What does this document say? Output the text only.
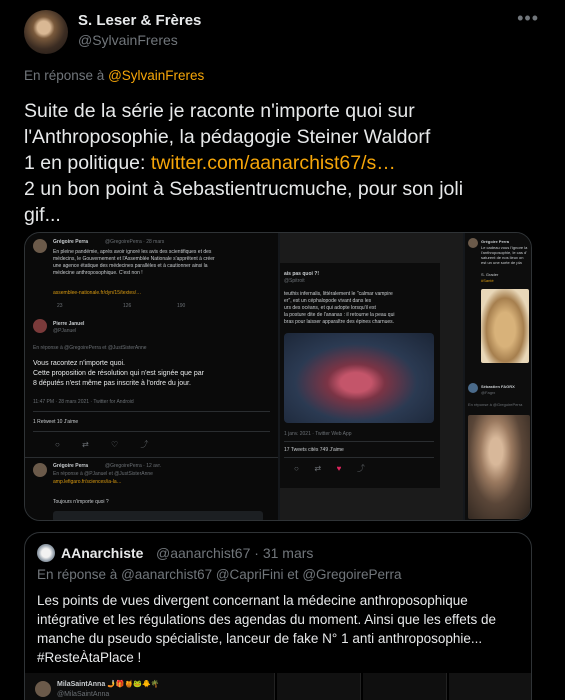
S. Leser & Frères
@SylvainFreres
•••
En réponse à @SylvainFreres

Suite de la série je raconte n'importe quoi sur

l'Anthroposophie, la pédagogie Steiner Waldorf

1 en politique: twitter.com/aanarchist67/s…

2 un bon point à Sebastientrucmuche, pour son joli

gif...

Grégoire Perra	@GregoirePerra · 28 mars
En pleine pandémie, après avoir ignoré les avis des scientifiques et des
médecins, le Gouvernement et l'Assemblée Nationale s'apprêtent à créer
une agence étatique des médecines parallèles et à cautionner ainsi la
médecine anthroposophique. C'est non !
assemblee-nationale.fr/dyn/15/textes/…
23	126	190
Pierre Januel
@PJanuel
En réponse à @GregoirePerra et @JustSisterAnne
Vous racontez n'importe quoi.
Cette proposition de résolution qui n'est signée que par
8 députés n'est même pas inscrite à l'ordre du jour.
11:47 PM · 28 mars 2021 · Twitter for Android
1 Retweet 10 J'aime
○          ⇄          ♡          ⤴
Grégoire Perra	@GregoirePerra · 12 avr.
En réponse à @PJanuel et @JustSisterAnne
amp.lefigaro.fr/sciences/ia-la…
Toujours n'importe quoi ?
ais pas quoi ?!
@Spitroit
teuthis infernalis, littéralement le "calmar vampire
er", est un céphalopode vivant dans les
urs des océans, et qui adopte lorsqu'il est
la posture dite de l'ananas : il retourne la peau qui
bras pour laisser apparaître des épines charnues.
1 janv. 2021 · Twitter Web App
17 Tweets cités 749 J'aime
○       ⇄       ♥       ⤴
Grégoire Perra
Le cadeau vous l'ignore la
l'anthroposophie, le cas d'
saturent de nos lieux on
est un une sorte de pla
S. Grader
#Santé
Sébastien FAGRX
@Fagrx
En réponse à @GregoirePerra
AAnarchiste @aanarchist67 · 31 mars
En réponse à @aanarchist67 @CapriFini et @GregoirePerra

Les points de vues divergent concernant la médecine anthroposophique

intégrative et les régulations des agendas du moment. Ainsi que les effets de

manche du pseudo spécialiste, lanceur de fake N° 1 anti anthroposophie...

#ResteÀtaPlace !

MilaSaintAnna 🤳🎁🍯🐸🐥🌴
@MilaSaintAnna
